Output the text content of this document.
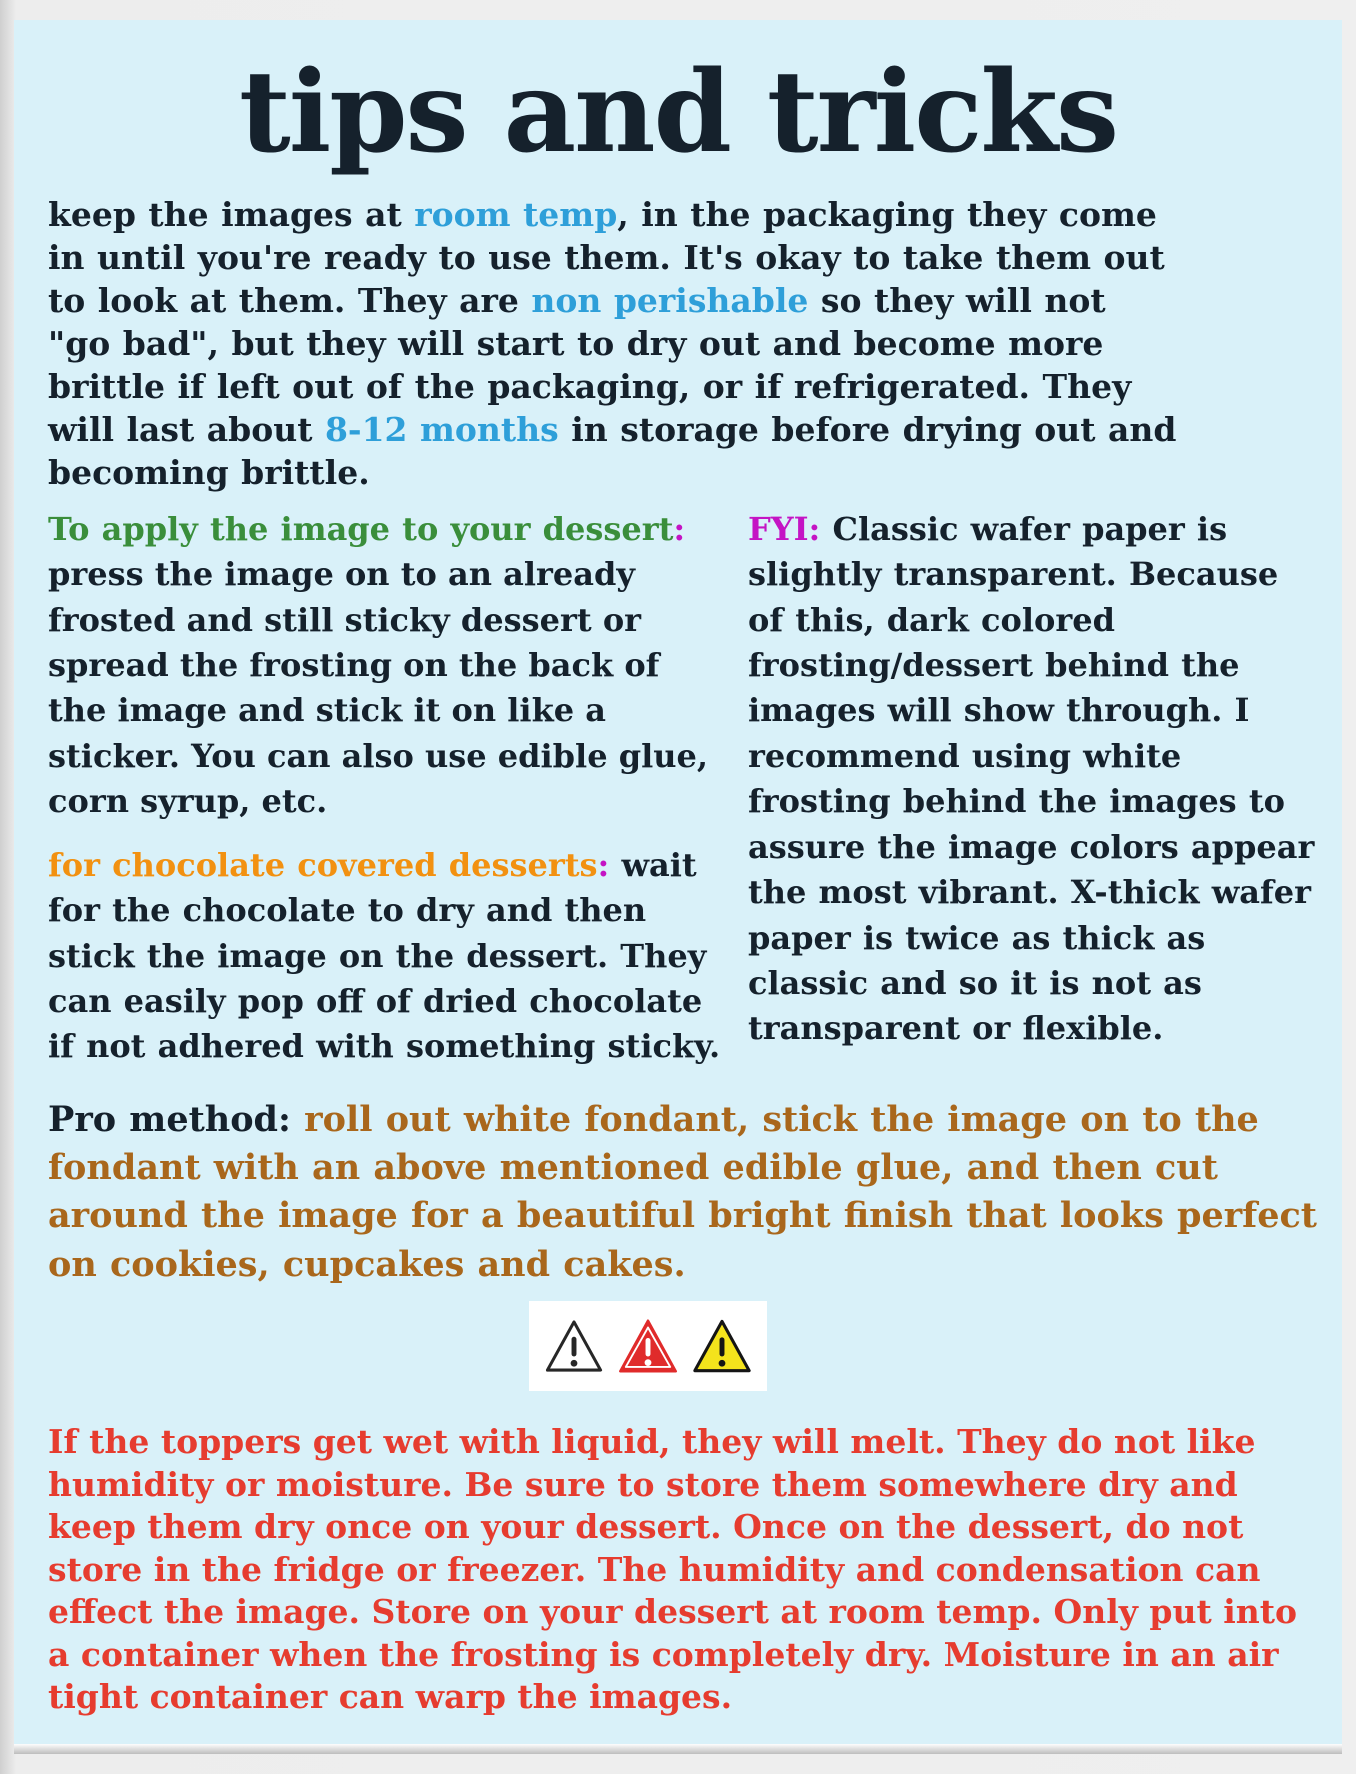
tips and tricks

keep the images at room temp, in the packaging they come in until you're ready to use them. It's okay to take them out to look at them. They are non perishable so they will not "go bad", but they will start to dry out and become more brittle if left out of the packaging, or if refrigerated. They will last about 8-12 months in storage before drying out and becoming brittle.

To apply the image to your dessert:

press the image on to an already frosted and still sticky dessert or spread the frosting on the back of the image and stick it on like a sticker. You can also use edible glue, corn syrup, etc.

for chocolate covered desserts: wait for the chocolate to dry and then stick the image on the dessert. They can easily pop off of dried chocolate if not adhered with something sticky.

FYI: Classic wafer paper is slightly transparent. Because of this, dark colored frosting/dessert behind the images will show through. I recommend using white frosting behind the images to assure the image colors appear the most vibrant. X-thick wafer paper is twice as thick as classic and so it is not as transparent or flexible.

Pro method: roll out white fondant, stick the image on to the fondant with an above mentioned edible glue, and then cut around the image for a beautiful bright finish that looks perfect on cookies, cupcakes and cakes.

If the toppers get wet with liquid, they will melt. They do not like humidity or moisture. Be sure to store them somewhere dry and keep them dry once on your dessert. Once on the dessert, do not store in the fridge or freezer. The humidity and condensation can effect the image. Store on your dessert at room temp. Only put into a container when the frosting is completely dry. Moisture in an air tight container can warp the images.
